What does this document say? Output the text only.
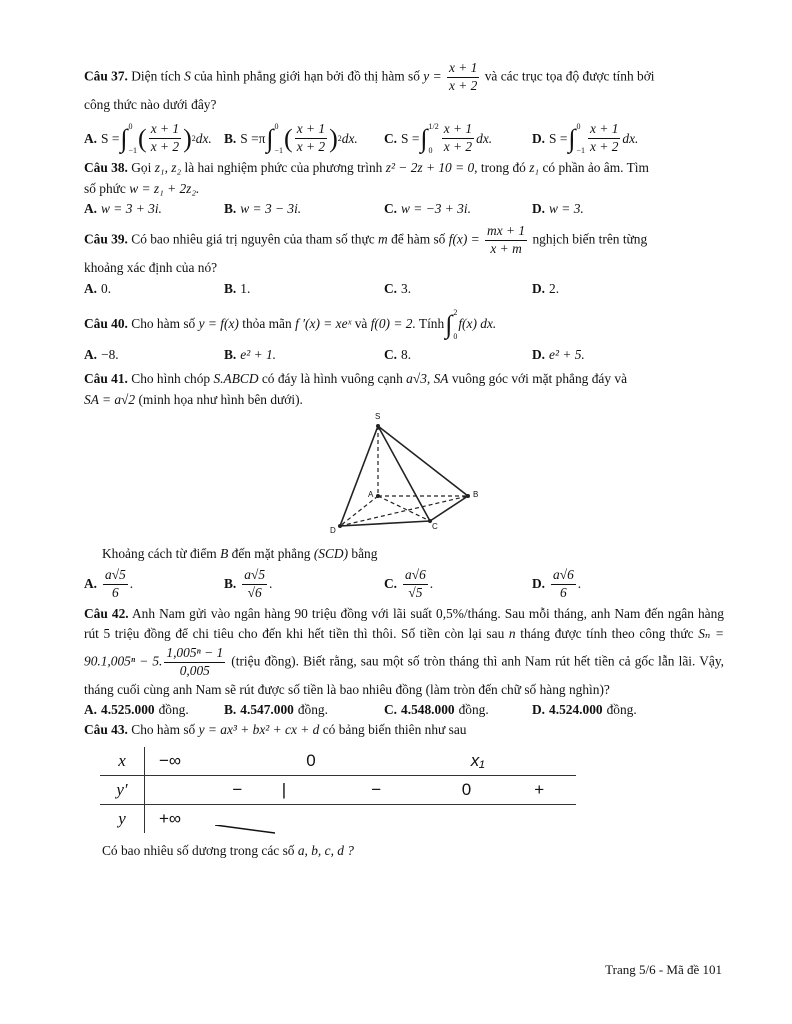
Câu 37. Diện tích S của hình phẳng giới hạn bởi đồ thị hàm số $y = \frac{x + 1}{x + 2}$ và các trục tọa độ được tính bởi
công thức nào dưới đây?

A. S = ∫ 0
−1 ( $\frac{x + 1}{x + 2}$ ) 2 dx. B. S = π ∫ 0
−1 ( $\frac{x + 1}{x + 2}$ ) 2 dx. C. S = ∫ 1/2
$0 \frac{x + 1}{x + 2}$ dx.	D. S = ∫ 0
$-1 \frac{x + 1}{x + 2}$ dx.

Câu 38. Gọi z₁, z₂ là hai nghiệm phức của phương trình z² − 2z + 10 = 0, trong đó z₁ có phần ảo âm. Tìm
số phức w = z₁ + 2z₂.

A. w = 3 + 3i.	B. w = 3 − 3i.	C. w = −3 + 3i.	D. w = 3.

Câu 39. Có bao nhiêu giá trị nguyên của tham số thực m để hàm số $f(x) = \frac{mx + 1}{x + m}$ nghịch biến trên từng
khoảng xác định của nó?

A. 0.	B. 1.	C. 3.	D. 2.

Câu 40. Cho hàm số y = f(x) thỏa mãn f ′(x) = xeˣ và f(0) = 2. Tính∫ 2
0
f(x) dx.

A. −8.	B. e² + 1.	C. 8.	D. e² + 5.

Câu 41. Cho hình chóp S.ABCD có đáy là hình vuông cạnh a√3, SA vuông góc với mặt phẳng đáy và
SA = a√2 (minh họa như hình bên dưới).

S
A	B
C
D

Khoảng cách từ điểm B đến mặt phẳng (SCD) bằng

A. $\frac{a√5}{6}$ .	B. $\frac{a√5}{√6}$ .	C. $\frac{a√6}{√5}$ .	D. $\frac{a√6}{6}$ .

Câu 42. Anh Nam gửi vào ngân hàng 90 triệu đồng với lãi suất 0,5%/tháng. Sau mỗi tháng, anh Nam đến ngân hàng rút 5 triệu đồng để chi tiêu cho đến khi hết tiền thì thôi. Số tiền còn lại sau n tháng được tính theo công thức Sₙ = 90.1,005ⁿ − 5. $\frac{\text{1,005ⁿ − 1}}{0,005}$ (triệu đồng). Biết rằng, sau một số tròn tháng thì anh Nam rút hết tiền cả gốc lẫn lãi. Vậy, tháng cuối cùng anh Nam sẽ rút được số tiền là bao nhiêu đồng (làm tròn đến chữ số hàng nghìn)?

A. 4.525.000 đồng.	B. 4.547.000 đồng.	C. 4.548.000 đồng.	D. 4.524.000 đồng.

Câu 43. Cho hàm số y = ax³ + bx² + cx + d có bảng biến thiên như sau

x	−∞	0		x₁	
y′	−	|	−	0	+
y	+∞				

Có bao nhiêu số dương trong các số a, b, c, d ?

Trang 5/6 - Mã đề 101
